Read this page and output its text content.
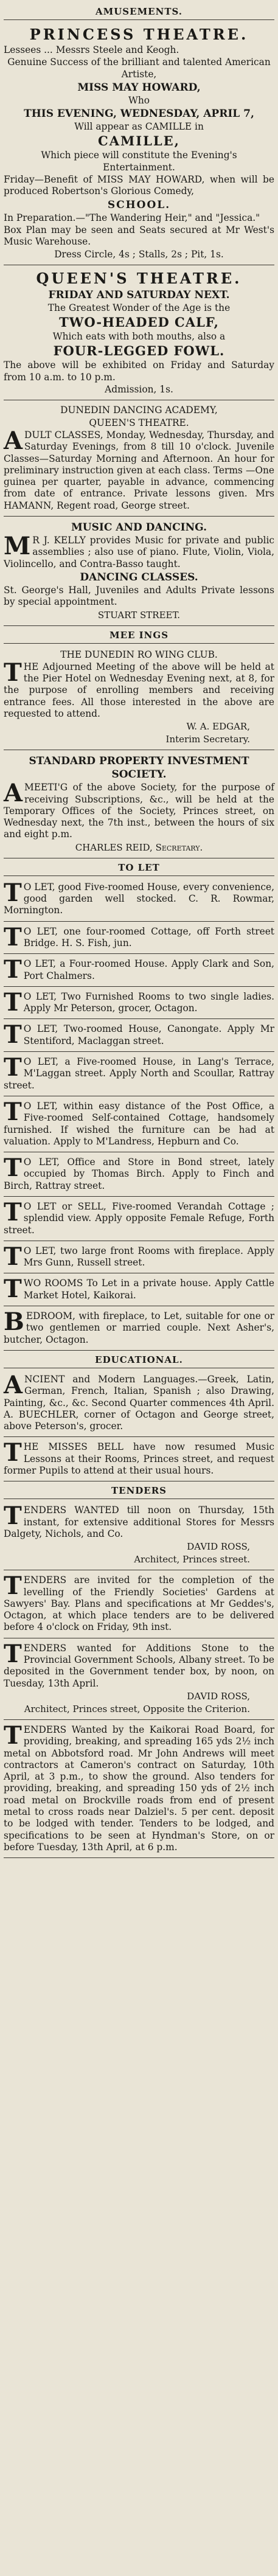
AMUSEMENTS.

PRINCESS THEATRE.

Lessees ... Messrs Steele and Keogh.

Genuine Success of the brilliant and talented American Artiste,

MISS MAY HOWARD,

Who

THIS EVENING, WEDNESDAY, APRIL 7,

Will appear as CAMILLE in

CAMILLE,

Which piece will constitute the Evening's Entertainment.

Friday—Benefit of MISS MAY HOWARD, when will be produced Robertson's Glorious Comedy,

SCHOOL.

In Preparation.—"The Wandering Heir," and "Jessica."

Box Plan may be seen and Seats secured at Mr West's Music Warehouse.

Dress Circle, 4s ; Stalls, 2s ; Pit, 1s.

QUEEN'S THEATRE.

FRIDAY AND SATURDAY NEXT.

The Greatest Wonder of the Age is the

TWO-HEADED CALF,

Which eats with both mouths, also a

FOUR-LEGGED FOWL.

The above will be exhibited on Friday and Saturday from 10 a.m. to 10 p.m.

Admission, 1s.

DUNEDIN DANCING ACADEMY,

QUEEN'S THEATRE.

ADULT CLASSES, Monday, Wednesday, Thursday, and Saturday Evenings, from 8 till 10 o'clock. Juvenile Classes—Saturday Morning and Afternoon. An hour for preliminary instruction given at each class. Terms —One guinea per quarter, payable in advance, commencing from date of entrance. Private lessons given. Mrs HAMANN, Regent road, George street.

MUSIC AND DANCING.

M R J. KELLY provides Music for private and public assemblies ; also use of piano. Flute, Violin, Viola, Violincello, and Contra-Basso taught.

DANCING CLASSES.

St. George's Hall, Juveniles and Adults Private lessons by special appointment.

STUART STREET.

MEE INGS

THE DUNEDIN RO WING CLUB.

THE Adjourned Meeting of the above will be held at the Pier Hotel on Wednesday Evening next, at 8, for the purpose of enrolling members and receiving entrance fees. All those interested in the above are requested to attend.

W. A. EDGAR,

Interim Secretary.

STANDARD PROPERTY INVESTMENT SOCIETY.

AMEETI'G of the above Society, for the purpose of receiving Subscriptions, &c., will be held at the Temporary Offices of the Society, Princes street, on Wednesday next, the 7th inst., between the hours of six and eight p.m.

CHARLES REID, Secretary.

TO LET

T O LET, good Five-roomed House, every convenience, good garden well stocked. C. R. Rowmar, Mornington.

T O LET, one four-roomed Cottage, off Forth street Bridge. H. S. Fish, jun.

T O LET, a Four-roomed House. Apply Clark and Son, Port Chalmers.

T O LET, Two Furnished Rooms to two single ladies. Apply Mr Peterson, grocer, Octagon.

T O LET, Two-roomed House, Canongate. Apply Mr Stentiford, Maclaggan street.

T O LET, a Five-roomed House, in Lang's Terrace, M'Laggan street. Apply North and Scoullar, Rattray street.

T O LET, within easy distance of the Post Office, a Five-roomed Self-contained Cottage, handsomely furnished. If wished the furniture can be had at valuation. Apply to M'Landress, Hepburn and Co.

T O LET, Office and Store in Bond street, lately occupied by Thomas Birch. Apply to Finch and Birch, Rattray street.

T O LET or SELL, Five-roomed Verandah Cottage ; splendid view. Apply opposite Female Refuge, Forth street.

T O LET, two large front Rooms with fireplace. Apply Mrs Gunn, Russell street.

TWO ROOMS To Let in a private house. Apply Cattle Market Hotel, Kaikorai.

BEDROOM, with fireplace, to Let, suitable for one or two gentlemen or married couple. Next Asher's, butcher, Octagon.

EDUCATIONAL.

ANCIENT and Modern Languages.—Greek, Latin, German, French, Italian, Spanish ; also Drawing, Painting, &c., &c. Second Quarter commences 4th April. A. BUECHLER, corner of Octagon and George street, above Peterson's, grocer.

THE MISSES BELL have now resumed Music Lessons at their Rooms, Princes street, and request former Pupils to attend at their usual hours.

TENDERS

TENDERS WANTED till noon on Thursday, 15th instant, for extensive additional Stores for Messrs Dalgety, Nichols, and Co.

DAVID ROSS,

Architect, Princes street.

TENDERS are invited for the completion of the levelling of the Friendly Societies' Gardens at Sawyers' Bay. Plans and specifications at Mr Geddes's, Octagon, at which place tenders are to be delivered before 4 o'clock on Friday, 9th inst.

TENDERS wanted for Additions Stone to the Provincial Government Schools, Albany street. To be deposited in the Government tender box, by noon, on Tuesday, 13th April.

DAVID ROSS,

Architect, Princes street, Opposite the Criterion.

TENDERS Wanted by the Kaikorai Road Board, for providing, breaking, and spreading 165 yds 2½ inch metal on Abbotsford road. Mr John Andrews will meet contractors at Cameron's contract on Saturday, 10th April, at 3 p.m., to show the ground. Also tenders for providing, breaking, and spreading 150 yds of 2½ inch road metal on Brockville roads from end of present metal to cross roads near Dalziel's. 5 per cent. deposit to be lodged with tender. Tenders to be lodged, and specifications to be seen at Hyndman's Store, on or before Tuesday, 13th April, at 6 p.m.
